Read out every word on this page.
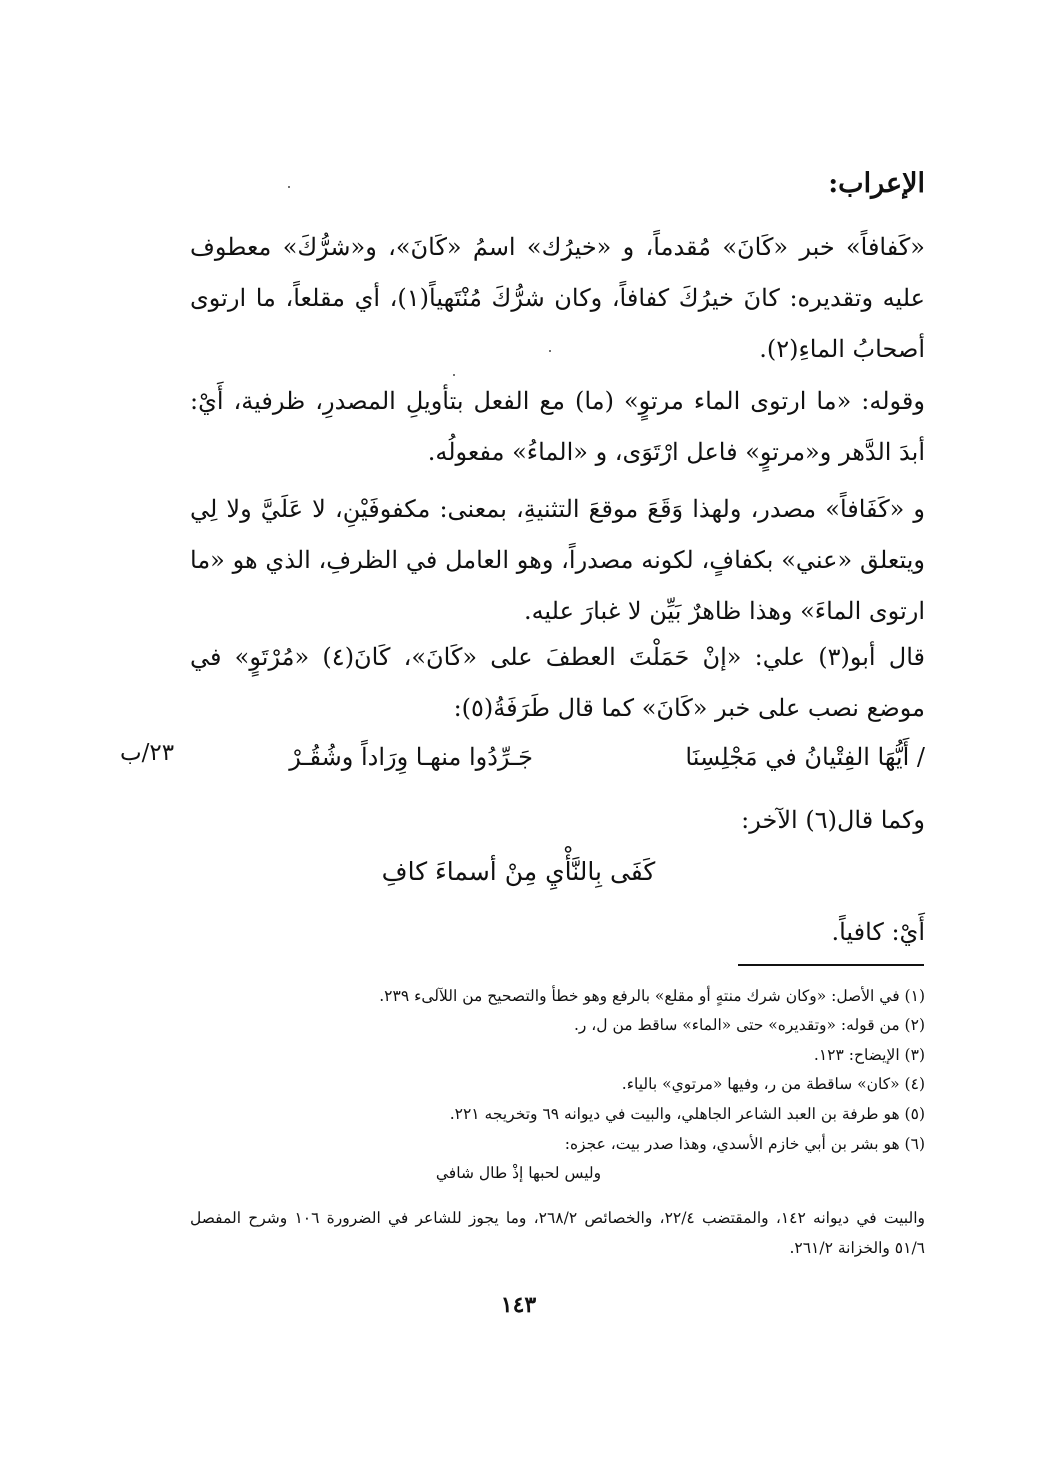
الإعراب:
«كَفافاً» خبر «كَانَ» مُقدماً، و «خيرُك» اسمُ «كَانَ»، و«شرُّكَ» معطوف عليه وتقديره: كانَ خيرُكَ كفافاً، وكان شرُّكَ مُنْتَهياً(١)، أي مقلعاً، ما ارتوى أصحابُ الماءِ(٢).
وقوله: «ما ارتوى الماء مرتوٍ» (ما) مع الفعل بتأويلِ المصدرِ، ظرفية، أَيْ: أبدَ الدَّهر و«مرتوٍ» فاعل ارْتَوَى، و «الماءُ» مفعولُه.
و «كَفَافاً» مصدر، ولهذا وَقَعَ موقعَ التثنيةِ، بمعنى: مكفوفَيْنِ، لا عَلَيَّ ولا لِي ويتعلق «عني» بكفافٍ، لكونه مصدراً، وهو العامل في الظرفِ، الذي هو «ما ارتوى الماءَ» وهذا ظاهرٌ بَيِّن لا غبارَ عليه.
قال أبو(٣) علي: «إنْ حَمَلْتَ العطفَ على «كَانَ»، كَانَ(٤) «مُرْتَوٍ» في موضع نصب على خبر «كَانَ» كما قال طَرَفَةُ(٥):
/ أَيُّهَا الفِتْيانُ في مَجْلِسِنَا
جَـرِّدُوا منهـا وِرَاداً وشُقُـرْ
٢٣/ب
وكما قال(٦) الآخر:
كَفَى بِالنَّأْيِ مِنْ أسماءَ كافِ
أَيْ: كافياً.
(١) في الأصل: «وكان شرك منتهٍ أو مقلع» بالرفع وهو خطأ والتصحيح من اللآلىء ٢٣٩.
(٢) من قوله: «وتقديره» حتى «الماء» ساقط من ل، ر.
(٣) الإيضاح: ١٢٣.
(٤) «كان» ساقطة من ر، وفيها «مرتوي» بالياء.
(٥) هو طرفة بن العبد الشاعر الجاهلي، والبيت في ديوانه ٦٩ وتخريجه ٢٢١.
(٦) هو بشر بن أبي خازم الأسدي، وهذا صدر بيت، عجزه:
وليس لحبها إذْ طال شافي
والبيت في ديوانه ١٤٢، والمقتضب ٢٢/٤، والخصائص ٢٦٨/٢، وما يجوز للشاعر في الضرورة ١٠٦ وشرح المفصل ٥١/٦ والخزانة ٢٦١/٢.
١٤٣
